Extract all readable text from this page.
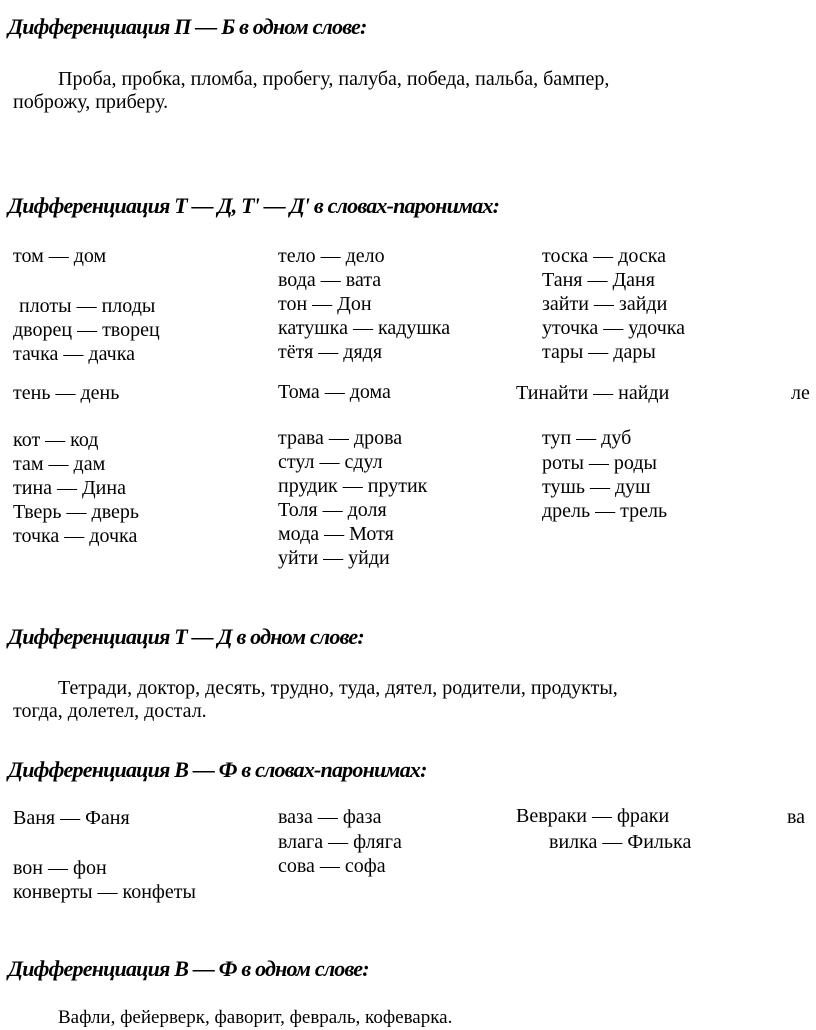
Дифференциация П — Б в одном слове:
Проба, пробка, пломба, пробегу, палуба, победа, пальба, бампер,
поброжу, приберу.
Дифференциация Т — Д, Т' — Д' в словах-паронимах:
том — дом
плоты — плоды
дворец — творец
тачка — дачка
тень — день
кот — код
там — дам
тина — Дина
Тверь — дверь
точка — дочка
тело — дело
вода — вата
тон — Дон
катушка — кадушка
тётя — дядя
Тома — дома
трава — дрова
стул — сдул
прудик — прутик
Толя — доля
мода — Мотя
уйти — уйди
тоска — доска
Таня — Даня
зайти — зайди
уточка — удочка
тары — дары
Тинайти — найди
туп — дуб
роты — роды
тушь — душ
дрель — трель
ле
Дифференциация Т — Д в одном слове:
Тетради, доктор, десять, трудно, туда, дятел, родители, продукты,
тогда, долетел, достал.
Дифференциация В — Ф в словах-паронимах:
Ваня — Фаня
вон — фон
конверты — конфеты
ваза — фаза
влага — фляга
сова — софа
Вевраки — фраки
вилка — Филька
ва
Дифференциация В — Ф в одном слове:
Вафли, фейерверк, фаворит, февраль, кофеварка.
